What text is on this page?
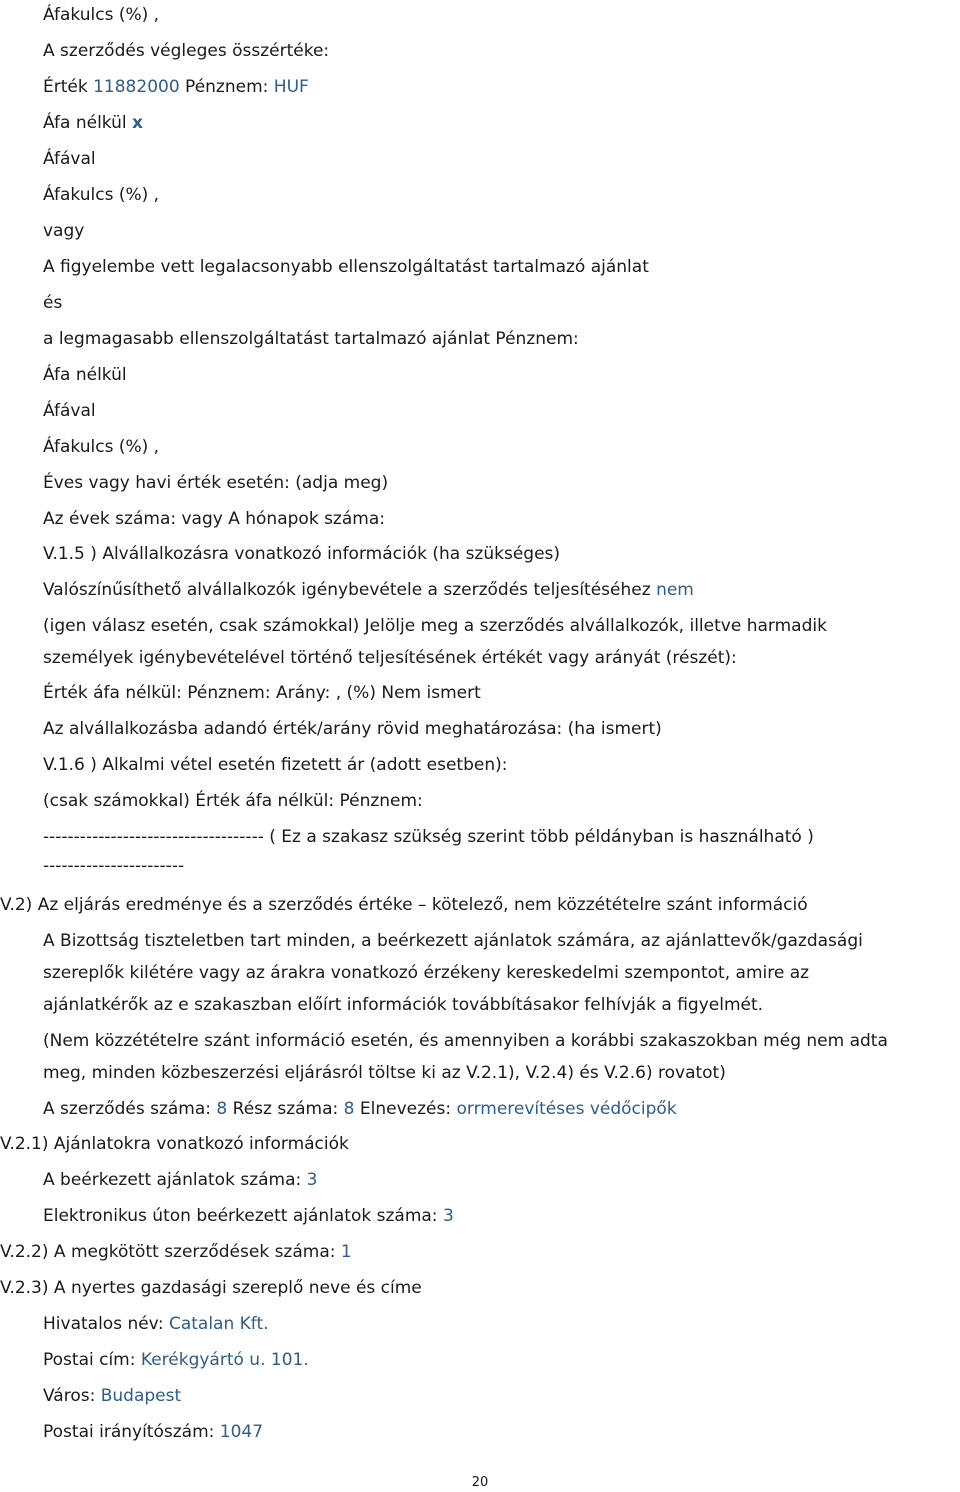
Áfakulcs (%) ,
A szerződés végleges összértéke:
Érték 11882000 Pénznem: HUF
Áfa nélkül x
Áfával
Áfakulcs (%) ,
vagy
A figyelembe vett legalacsonyabb ellenszolgáltatást tartalmazó ajánlat
és
a legmagasabb ellenszolgáltatást tartalmazó ajánlat Pénznem:
Áfa nélkül
Áfával
Áfakulcs (%) ,
Éves vagy havi érték esetén: (adja meg)
Az évek száma: vagy A hónapok száma:
V.1.5 ) Alvállalkozásra vonatkozó információk (ha szükséges)
Valószínűsíthető alvállalkozók igénybevétele a szerződés teljesítéséhez nem
(igen válasz esetén, csak számokkal) Jelölje meg a szerződés alvállalkozók, illetve harmadik
személyek igénybevételével történő teljesítésének értékét vagy arányát (részét):
Érték áfa nélkül: Pénznem: Arány: , (%) Nem ismert
Az alvállalkozásba adandó érték/arány rövid meghatározása: (ha ismert)
V.1.6 ) Alkalmi vétel esetén fizetett ár (adott esetben):
(csak számokkal) Érték áfa nélkül: Pénznem:
------------------------------------ ( Ez a szakasz szükség szerint több példányban is használható )
-----------------------
V.2) Az eljárás eredménye és a szerződés értéke – kötelező, nem közzétételre szánt információ
A Bizottság tiszteletben tart minden, a beérkezett ajánlatok számára, az ajánlattevők/gazdasági
szereplők kilétére vagy az árakra vonatkozó érzékeny kereskedelmi szempontot, amire az
ajánlatkérők az e szakaszban előírt információk továbbításakor felhívják a figyelmét.
(Nem közzétételre szánt információ esetén, és amennyiben a korábbi szakaszokban még nem adta
meg, minden közbeszerzési eljárásról töltse ki az V.2.1), V.2.4) és V.2.6) rovatot)
A szerződés száma: 8 Rész száma: 8 Elnevezés: orrmerevítéses védőcipők
V.2.1) Ajánlatokra vonatkozó információk
A beérkezett ajánlatok száma: 3
Elektronikus úton beérkezett ajánlatok száma: 3
V.2.2) A megkötött szerződések száma: 1
V.2.3) A nyertes gazdasági szereplő neve és címe
Hivatalos név: Catalan Kft.
Postai cím: Kerékgyártó u. 101.
Város: Budapest
Postai irányítószám: 1047
20
